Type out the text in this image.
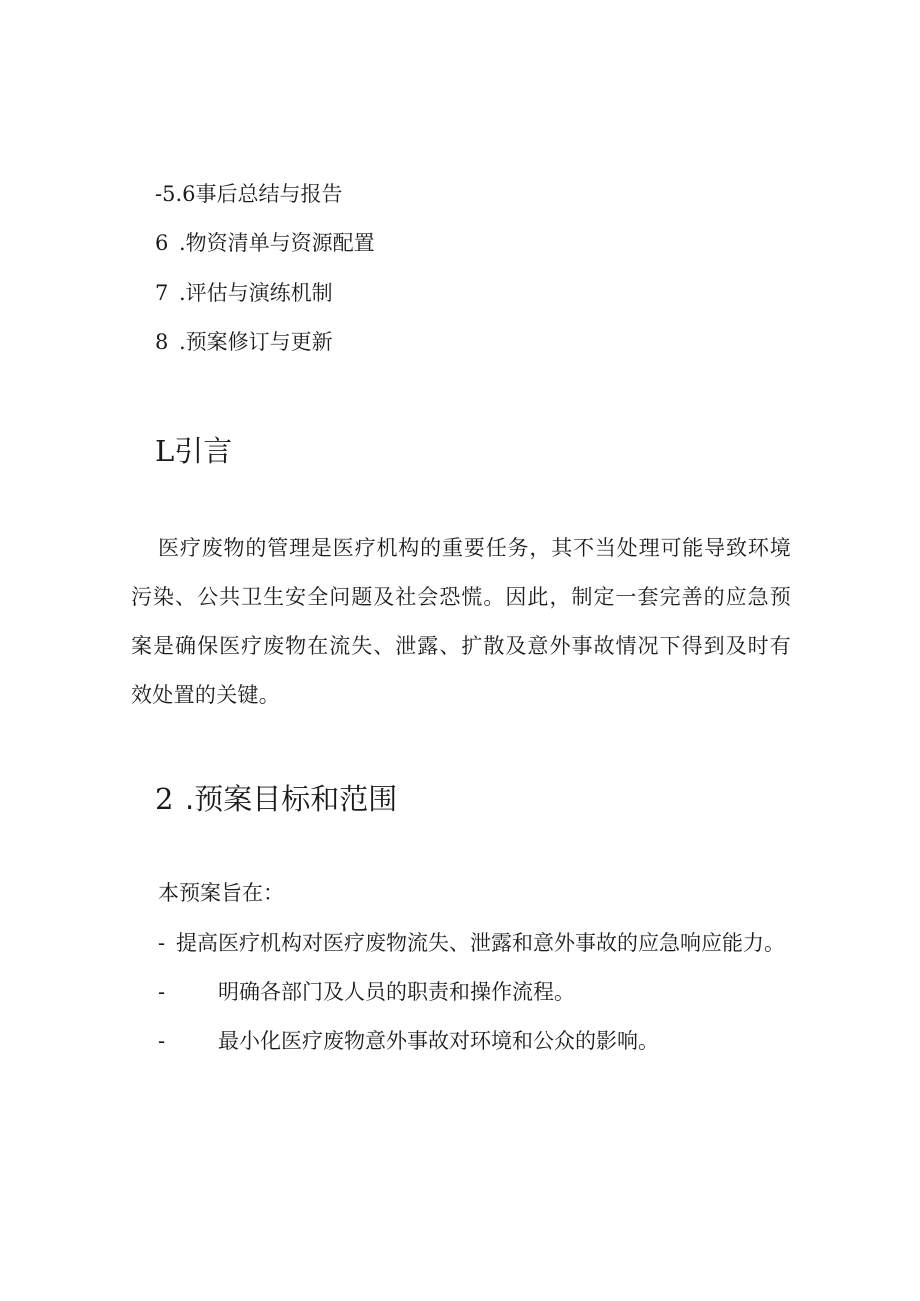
-5.6事后总结与报告
6 .物资清单与资源配置
7 .评估与演练机制
8 .预案修订与更新
L引言
医疗废物的管理是医疗机构的重要任务，其不当处理可能导致环境污染、公共卫生安全问题及社会恐慌。因此，制定一套完善的应急预案是确保医疗废物在流失、泄露、扩散及意外事故情况下得到及时有效处置的关键。
2 .预案目标和范围
本预案旨在：
- 提高医疗机构对医疗废物流失、泄露和意外事故的应急响应能力。
-	明确各部门及人员的职责和操作流程。
-	最小化医疗废物意外事故对环境和公众的影响。
